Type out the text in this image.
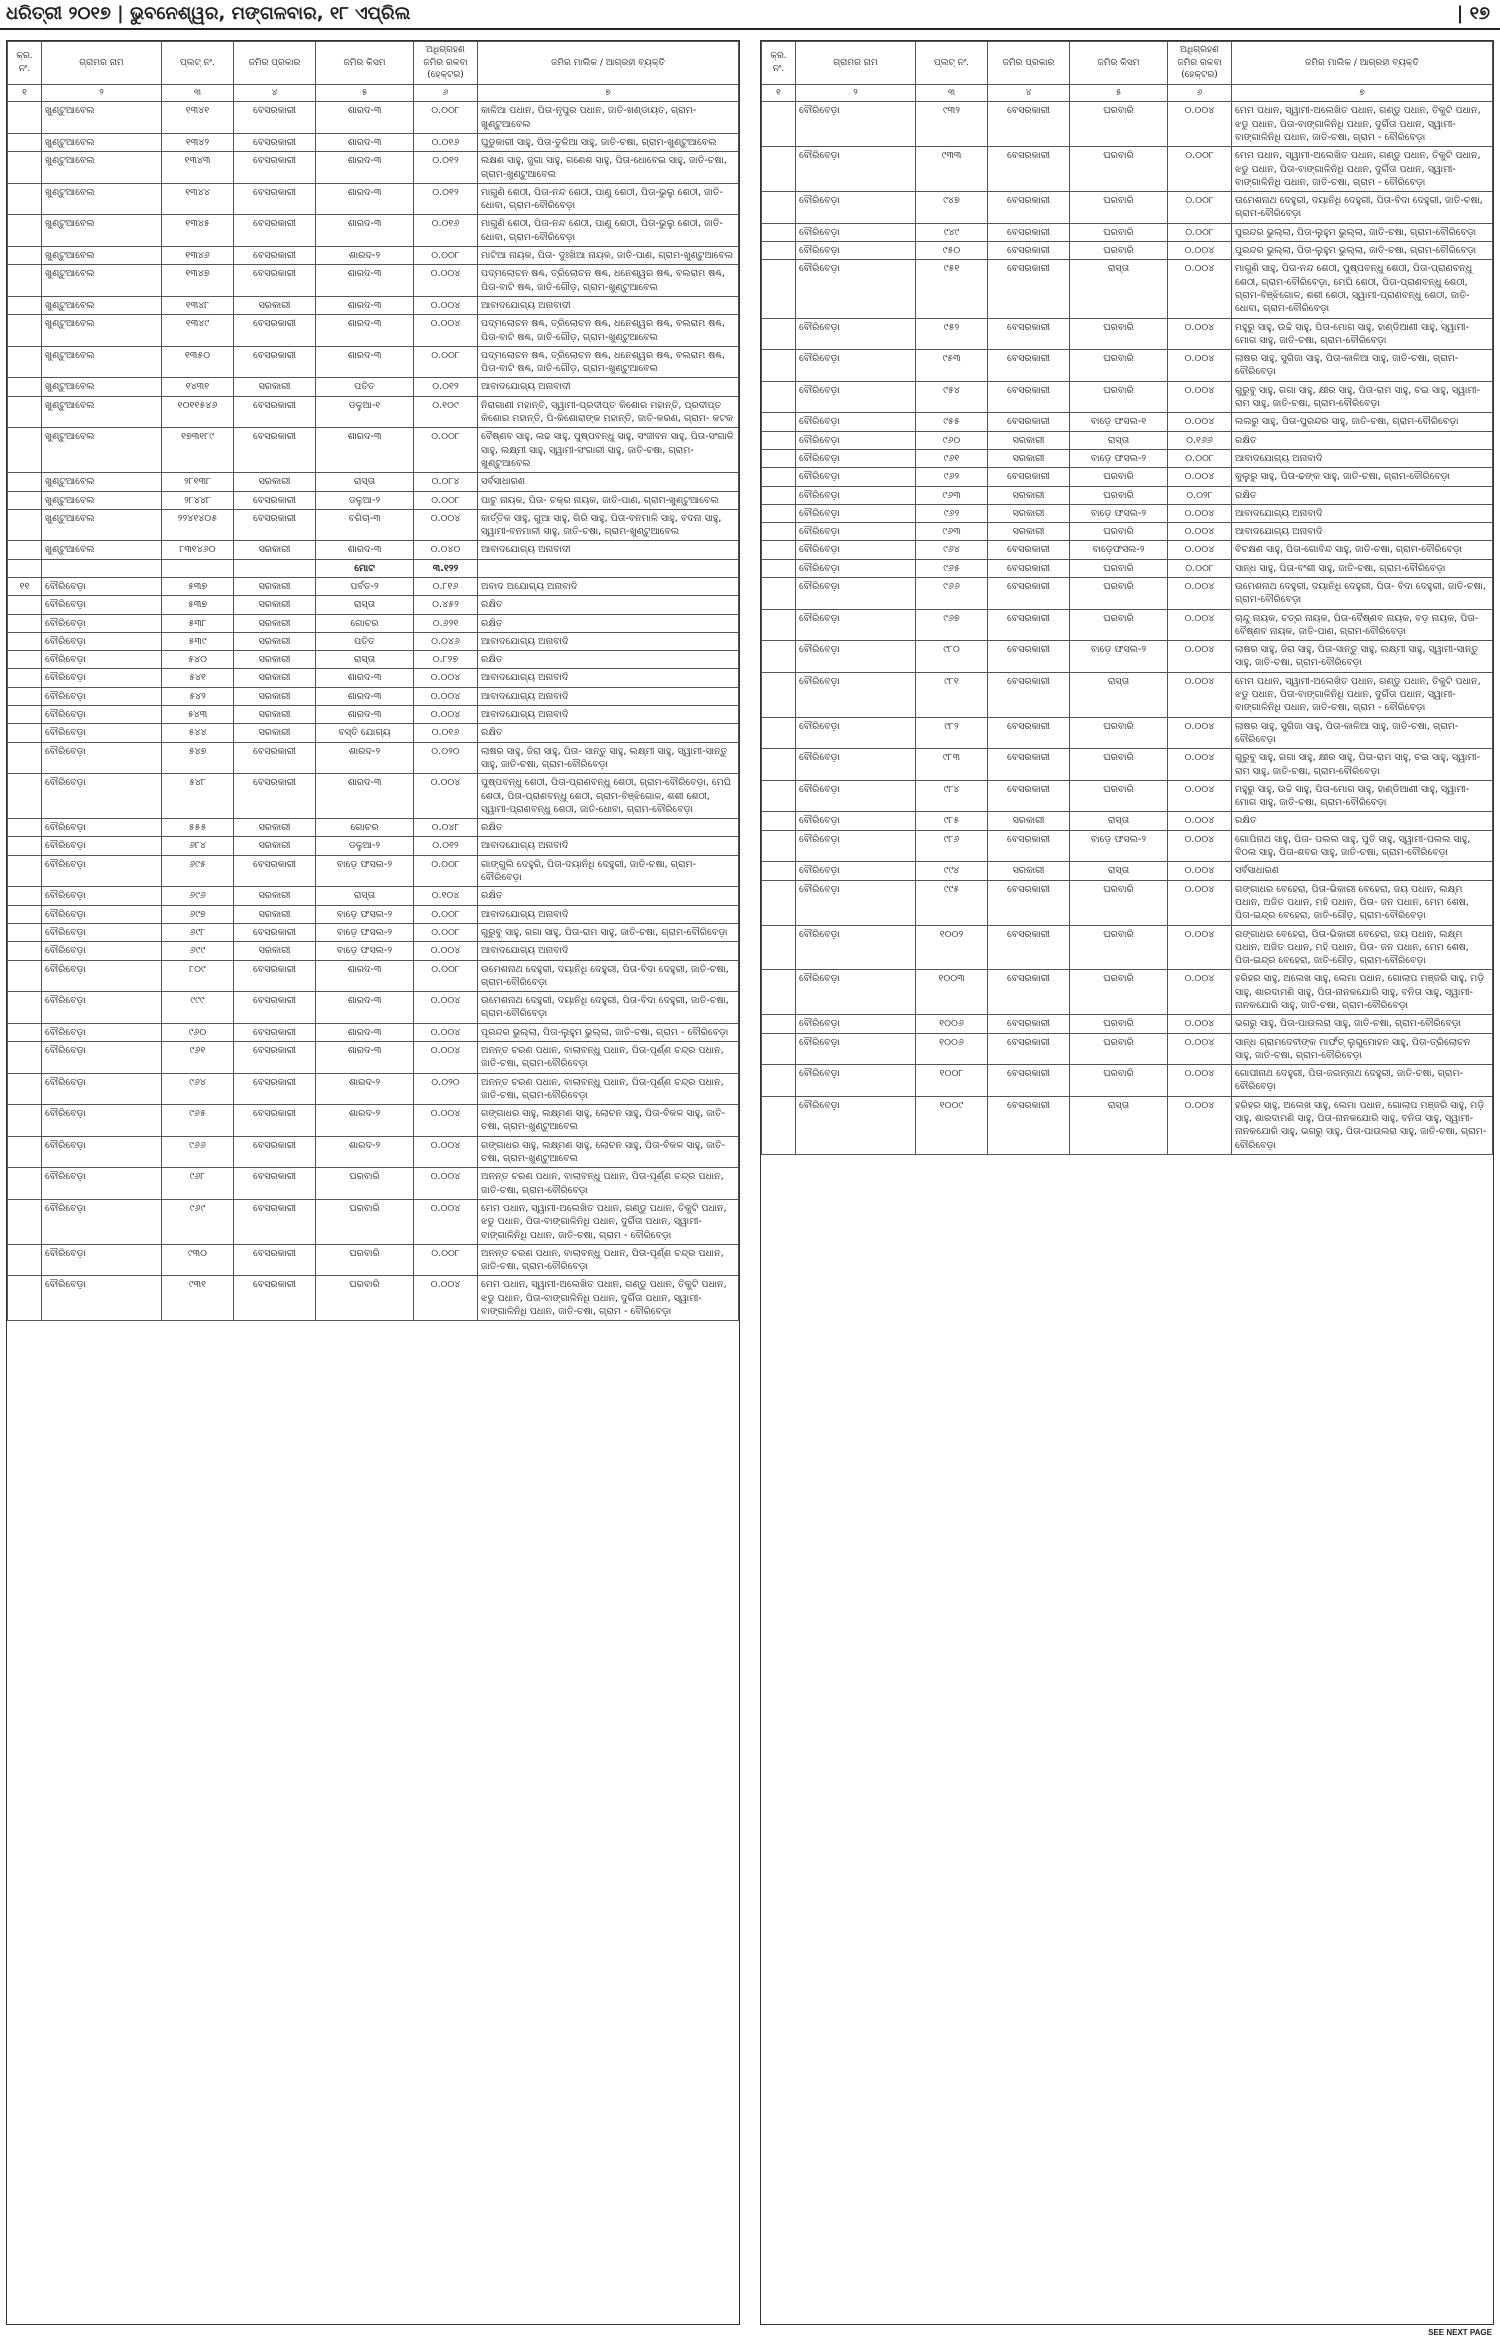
ଧରିତ୍ରୀ ୨୦୧୭ | ଭୁବନେଶ୍ୱର, ମଙ୍ଗଳବାର, ୧୮ ଏପ୍ରିଲ	| ୧୭
କ୍ର. ନଂ.	ଗ୍ରାମର ନାମ	ପ୍ଲଟ୍ ନଂ.	ଜମିର ପ୍ରକାର	ଜମିର କିସମ	ଅଧିଗ୍ରହଣ ଜମିର ରକବା (ହେକ୍ଟର)	ଜମିର ମାଲିକ / ଆଗ୍ରହୀ ବ୍ୟକ୍ତି
୧	୨	୩	୪	୫	୬	୭
	ଖୁଣ୍ଟୁଆବେଲ	୧୩୪୧	ବେସରକାରୀ	ଶାରଦ-୩	୦.୦୦୮	କାଳିଆ ପଧାନ, ପିତା-ନୃପୁର ପଧାନ, ଜାତି-ଖଣ୍ଡାୟତ, ଗ୍ରାମ-ଖୁଣ୍ଟୁଆବେଲ
	ଖୁଣ୍ଟୁଆବେଲ	୧୩୪୨	ବେସରକାରୀ	ଶାରଦ-୩	୦.୦୧୬	ଘୁଡୁକାରୀ ସାହୁ, ପିତା-ତୁଳିଆ ସାହୁ, ଜାତି-ଚଷା, ଗ୍ରାମ-ଖୁଣ୍ଟୁଆବେଲ
	ଖୁଣ୍ଟୁଆବେଲ	୧୩୪୩	ବେସରକାରୀ	ଶାରଦ-୩	୦.୦୧୨	ଲକ୍ଷଣ ସାହୁ, ଜୁଗା ସାହୁ, ଗଣେଶ ସାହୁ, ପିତା-ଧୋବେଇ ସାହୁ, ଜାତି-ଚଷା, ଗ୍ରାମ-ଖୁଣ୍ଟୁଆବେଲ
	ଖୁଣ୍ଟୁଆବେଲ	୧୩୪୪	ବେସରକାରୀ	ଶାରଦ-୩	୦.୦୧୨	ମାଗୁଣି ଶେଠୀ, ପିତା-ନନ୍ଦ ଶେଠୀ, ପାଣୁ ଶେଠୀ, ପିତା-ଭୁଲୁ ଶେଠୀ, ଜାତି-ଧୋବା, ଗ୍ରାମ-ବୌରିବେଡ଼ା
	ଖୁଣ୍ଟୁଆବେଲ	୧୩୪୫	ବେସରକାରୀ	ଶାରଦ-୩	୦.୦୧୬	ମାଗୁଣି ଶେଠୀ, ପିତା-ନନ୍ଦ ଶେଠୀ, ପାଣୁ ଶେଠୀ, ପିତା-ଭୁଲୁ ଶେଠୀ, ଜାତି-ଧୋବା, ଗ୍ରାମ-ବୌରିବେଡ଼ା
	ଖୁଣ୍ଟୁଆବେଲ	୧୩୪୬	ବେସରକାରୀ	ଶାରଦ-୨	୦.୦୦୮	ମାଟିଆ ନାୟକ, ପିତା- ଦୁଃଖିଆ ନାୟକ, ଜାତି-ପାଣ, ଗ୍ରାମ-ଖୁଣ୍ଟୁଆବେଲ
	ଖୁଣ୍ଟୁଆବେଲ	୧୩୪୭	ବେସରକାରୀ	ଶାରଦ-୩	୦.୦୦୪	ପଦ୍ମଲୋଚନ ଷଣ୍ଢ, ତ୍ରିଲୋଚନ ଷଣ୍ଢ, ଧନେଶ୍ୱର ଷଣ୍ଢ, ବଲରାମ ଷଣ୍ଢ, ପିତା-ବାଟି ଷଣ୍ଢ, ଜାତି-ଗୌଡ଼, ଗ୍ରାମ-ଖୁଣ୍ଟୁଆବେଲ
	ଖୁଣ୍ଟୁଆବେଲ	୧୩୪୮	ସରକାରୀ	ଶାରଦ-୩	୦.୦୦୪	ଆବାଦଯୋଗ୍ୟ ଅନାବାଦୀ
	ଖୁଣ୍ଟୁଆବେଲ	୧୩୪୯	ବେସରକାରୀ	ଶାରଦ-୩	୦.୦୦୪	ପଦ୍ମଲୋଚନ ଷଣ୍ଢ, ତ୍ରିଲୋଚନ ଷଣ୍ଢ, ଧନେଶ୍ୱର ଷଣ୍ଢ, ବଲରାମ ଷଣ୍ଢ, ପିତା-ବାଟି ଷଣ୍ଢ, ଜାତି-ଗୌଡ଼, ଗ୍ରାମ-ଖୁଣ୍ଟୁଆବେଲ
	ଖୁଣ୍ଟୁଆବେଲ	୧୩୫୦	ବେସରକାରୀ	ଶାରଦ-୩	୦.୦୦୮	ପଦ୍ମଲୋଚନ ଷଣ୍ଢ, ତ୍ରିଲୋଚନ ଷଣ୍ଢ, ଧନେଶ୍ୱର ଷଣ୍ଢ, ବଲରାମ ଷଣ୍ଢ, ପିତା-ବାଟି ଷଣ୍ଢ, ଜାତି-ଗୌଡ଼, ଗ୍ରାମ-ଖୁଣ୍ଟୁଆବେଲ
	ଖୁଣ୍ଟୁଆବେଲ	୧୪୩୧	ସରକାରୀ	ପତିତ	୦.୦୧୨	ଆବାଦଯୋଗ୍ୟ ଅନାବାଦୀ
	ଖୁଣ୍ଟୁଆବେଲ	୧୦୧୧୫୪୬	ବେସରକାରୀ	ଡଳୁଆ-୧	୦.୧୦୯	ନିରାଗାଣୀ ମହାନ୍ତି, ସ୍ୱାମୀ-ପ୍ରଦୀପ୍ତ କିଶୋର ମହାନ୍ତି, ପ୍ରଦୀପ୍ତ କିଶୋର ମହାନ୍ତି, ପି-କିଶୋରାଙ୍କ ମହାନ୍ତି, ଜାତି-କରଣ, ଗ୍ରାମ- କଟକ
	ଖୁଣ୍ଟୁଆବେଲ	୧୭୩୧୮୯	ବେସରକାରୀ	ଶାରଦ-୩	୦.୦୦୮	ବୈଷ୍ଣବ ସାହୁ, ଲଢ ସାହୁ, ପୁଷ୍ପବନ୍ଧୁ ସାହୁ, ସଂଜୀବନ ସାହୁ, ପିତା-ସଂଗାଳି ସାହୁ, ଲକ୍ଷ୍ମୀ ସାହୁ, ସ୍ୱାମୀ-ସଂଗାରୀ ସାହୁ, ଜାତି-ଚଷା, ଗ୍ରାମ-ଖୁଣ୍ଟୁଆବେଲ
	ଖୁଣ୍ଟୁଆବେଲ	୨୮୧୩୮	ସରକାରୀ	ରାସ୍ତା	୦.୦୮୪	ସର୍ବସାଧାରଣ
	ଖୁଣ୍ଟୁଆବେଲ	୨୮୪୪୮	ବେସରକାରୀ	ଡଳୁଆ-୨	୦.୦୦୮	ପାଚୁ ନାୟକ, ପିତା- ଚକ୍ର ନାୟକ, ଜାତି-ପାଣ, ଗ୍ରାମ-ଖୁଣ୍ଟୁଆବେଲ
	ଖୁଣ୍ଟୁଆବେଲ	୨୨୪୧୪୦୫	ବେସରକାରୀ	ବଗିଚା-୩	୦.୦୦୪	କାର୍ତ୍ତିକ ସାହୁ, ଗୁଆ ସାହୁ, ଗିରି ସାହୁ, ପିତା-ବନମାଳି ସାହୁ, ବଦନା ସାହୁ, ସ୍ୱାମୀ-ବନମାଳୀ ସାହୁ, ଜାତି-ଚଷା, ଗ୍ରାମ-ଖୁଣ୍ଟୁଆବେଲ
	ଖୁଣ୍ଟୁଆବେଲ	୮୩୧୪୬୦	ସରକାରୀ	ଶାରଦ-୩	୦.୦୪୦	ଆବାଦଯୋଗ୍ୟ ଅନାବାଦୀ
				ମୋଟ	୩.୧୨୨	
୧୧	ବୌରିବେଡ଼ା	୫୩୭	ସରକାରୀ	ପର୍ବତ-୨	୦.୮୧୬	ଅବାଦ ଅଯୋଗ୍ୟ ଅନାବାଦି
	ବୌରିବେଡ଼ା	୫୩୭	ସରକାରୀ	ରାସ୍ତା	୦.୪୫୨	ରକ୍ଷିତ
	ବୌରିବେଡ଼ା	୫୩୮	ସରକାରୀ	ଗୋଚର	୦.୬୨୧	ରକ୍ଷିତ
	ବୌରିବେଡ଼ା	୫୩୯	ସରକାରୀ	ପତିତ	୦.୦୪୬	ଆବାଦଯୋଗ୍ୟ ଅନାବାଦି
	ବୌରିବେଡ଼ା	୫୪୦	ସରକାରୀ	ରାସ୍ତା	୦.୮୨୭	ରକ୍ଷିତ
	ବୌରିବେଡ଼ା	୫୪୧	ସରକାରୀ	ଶାରଦ-୩	୦.୦୦୪	ଆବାଦଯୋଗ୍ୟ ଅନାବାଦି
	ବୌରିବେଡ଼ା	୫୪୨	ସରକାରୀ	ଶାରଦ-୩	୦.୦୦୪	ଆବାଦଯୋଗ୍ୟ ଅନାବାଦି
	ବୌରିବେଡ଼ା	୫୪୩	ସରକାରୀ	ଶାରଦ-୩	୦.୦୦୪	ଆବାଦଯୋଗ୍ୟ ଅନାବାଦି
	ବୌରିବେଡ଼ା	୫୪୪	ସରକାରୀ	ବସ୍ତି ଯୋଗ୍ୟ	୦.୦୧୬	ରକ୍ଷିତ
	ବୌରିବେଡ଼ା	୫୪୭	ବେସରକାରୀ	ଶାରଦ-୨	୦.୦୨୦	ଲାଷର ସାହୁ, ଜିରା ସାହୁ, ପିତା- ସାନ୍ତୁ ସାହୁ, ଲକ୍ଷ୍ମୀ ସାହୁ, ସ୍ୱାମୀ-ସାନ୍ତୁ ସାହୁ, ଜାତି-ଚଷା, ଗ୍ରାମ-ବୌରିବେଡ଼ା
	ବୌରିବେଡ଼ା	୫୪୮	ବେସରକାରୀ	ଶାରଦ-୩	୦.୦୦୪	ପୁଷ୍ପବନ୍ଧୁ ଶେଠୀ, ପିତା-ପ୍ରାଣବନ୍ଧୁ ଶେଠୀ, ଗ୍ରାମ-ବୌରିବେଡ଼ା, ମେଘି ଶେଠୀ, ପିତା-ପ୍ରାଣବନ୍ଧୁ ଶେଠୀ, ଗ୍ରାମ-ବିଞ୍ଝିଗୋଳ, ଶଶୀ ଶେଠୀ, ସ୍ୱାମୀ-ପ୍ରାଣବନ୍ଧୁ ଶେଠୀ, ଜାତି-ଧୋବା, ଗ୍ରାମ-ବୌରିବେଡ଼ା
	ବୌରିବେଡ଼ା	୫୫୫	ସରକାରୀ	ଗୋଚର	୦.୦୪୮	ରକ୍ଷିତ
	ବୌରିବେଡ଼ା	୬୮୪	ସରକାରୀ	ଡଳୁଆ-୨	୦.୦୧୨	ଆବାଦଯୋଗ୍ୟ ଅନାବାଦି
	ବୌରିବେଡ଼ା	୬୯୫	ବେସରକାରୀ	ବାଡ଼େ ଫସଲ-୨	୦.୦୦୮	ଗାଙ୍ଗୁଲି ଦେହୁରି, ପିତା-ଦୟାନିଧି ଦେହୁରୀ, ଜାତି-ଚଷା, ଗ୍ରାମ-ବୌରିବେଡ଼ା
	ବୌରିବେଡ଼ା	୬୯୬	ସରକାରୀ	ରାସ୍ତା	୦.୧୦୪	ରକ୍ଷିତ
	ବୌରିବେଡ଼ା	୬୯୭	ସରକାରୀ	ବାଡ଼େ ଫସଲ-୨	୦.୦୦୮	ଆବାଦଯୋଗ୍ୟ ଅନାବାଦି
	ବୌରିବେଡ଼ା	୬୯୮	ବେସରକାରୀ	ବାଡ଼େ ଫସଲ-୨	୦.୦୦୮	ଗୁରୁବୁ ସାହୁ, ଗଗା ସାହୁ, ପିତା-ରାମ ସାହୁ, ଜାତି-ଚଷା, ଗ୍ରାମ-ବୌରିବେଡ଼ା
	ବୌରିବେଡ଼ା	୬୯୯	ସରକାରୀ	ବାଡ଼େ ଫସଲ-୨	୦.୦୦୪	ଆବାଦଯୋଗ୍ୟ ଅନାବାଦି
	ବୌରିବେଡ଼ା	୮୦୯	ବେସରକାରୀ	ଶାରଦ-୩	୦.୦୦୮	ଉମେଶନାଥ ଦେହୁରୀ, ଦୟାନିଧି ଦେହୁରୀ, ପିତା-ବିଦା ଦେହୁରୀ, ଜାତି-ଚଷା, ଗ୍ରାମ-ବୌରିବେଡ଼ା
	ବୌରିବେଡ଼ା	୯୯୯	ବେସରକାରୀ	ଶାରଦ-୩	୦.୦୦୪	ଉମେଶନାଥ ଦେହୁରୀ, ଦୟାନିଧି ଦେହୁରୀ, ପିତା-ବିଦା ଦେହୁରୀ, ଜାତି-ଚଷା, ଗ୍ରାମ-ବୌରିବେଡ଼ା
	ବୌରିବେଡ଼ା	୯୬୦	ବେସରକାରୀ	ଶାରଦ-୩	୦.୦୦୪	ପୂରନ୍ଦର ଭୁଲ୍ଲା, ପିତା-ଲୁହୁମ ଭୁଲ୍ଲା, ଜାତି-ଚଷା, ଗ୍ରାମ - ବୌରିବେଡ଼ା
	ବୌରିବେଡ଼ା	୯୬୧	ବେସରକାରୀ	ଶାରଦ-୩	୦.୦୦୪	ଅନନ୍ତ ଚରଣ ପଧାନ, ବାଲାବନ୍ଧୁ ପଧାନ, ପିତା-ପୂର୍ଣ୍ଣ ଚନ୍ଦ୍ର ପଧାନ, ଜାତି-ଚଷା, ଗ୍ରାମ-ବୌରିବେଡ଼ା
	ବୌରିବେଡ଼ା	୯୬୪	ବେସରକାରୀ	ଶାରଦ-୨	୦.୦୨୦	ଅନନ୍ତ ଚରଣ ପଧାନ, ବାଲାବନ୍ଧୁ ପଧାନ, ପିତା-ପୂର୍ଣ୍ଣ ଚନ୍ଦ୍ର ପଧାନ, ଜାତି-ଚଷା, ଗ୍ରାମ-ବୌରିବେଡ଼ା
	ବୌରିବେଡ଼ା	୯୬୫	ବେସରକାରୀ	ଶାରଦ-୨	୦.୦୦୪	ଗଙ୍ଗାଧର ସାହୁ, ଲକ୍ଷ୍ମଣ ସାହୁ, ଲୋଚନ ସାହୁ, ପିତା-ବିକଳ ସାହୁ, ଜାତି-ଚଷା, ଗ୍ରାମ-ଖୁଣ୍ଟୁଆବେଲ
	ବୌରିବେଡ଼ା	୯୬୬	ବେସରକାରୀ	ଶାରଦ-୨	୦.୦୦୪	ଗଙ୍ଗାଧର ସାହୁ, ଲକ୍ଷ୍ମଣ ସାହୁ, ଲୋଚନ ସାହୁ, ପିତା-ବିକଳ ସାହୁ, ଜାତି-ଚଷା, ଗ୍ରାମ-ଖୁଣ୍ଟୁଆବେଲ
	ବୌରିବେଡ଼ା	୯୬୮	ବେସରକାରୀ	ଘରବାରି	୦.୦୦୪	ଅନନ୍ତ ଚରଣ ପଧାନ, ବାଲାବନ୍ଧୁ ପଧାନ, ପିତା-ପୂର୍ଣ୍ଣ ଚନ୍ଦ୍ର ପଧାନ, ଜାତି-ଚଷା, ଗ୍ରାମ-ବୌରିବେଡ଼ା
	ବୌରିବେଡ଼ା	୯୬୯	ବେସରକାରୀ	ଘରବାରି	୦.୦୦୪	ମେମ ପଧାନ, ସ୍ୱାମୀ-ଅଲେଖିତ ପଧାନ, ଗଣ୍ଡୁ ପଧାନ, ତିକୁଟି ପଧାନ, ଝଡୁ ପଧାନ, ପିତା-ବାଙ୍ଗାଳିନିଧି ପଧାନ, ଦୁର୍ଗିତା ପଧାନ, ସ୍ୱାମୀ-ବାଙ୍ଗାଳିନିଧି ପଧାନ, ଜାତି-ଚଷା, ଗ୍ରାମ - ବୌରିବେଡ଼ା
	ବୌରିବେଡ଼ା	୯୩୦	ବେସରକାରୀ	ଘରବାରି	୦.୦୦୮	ଅନନ୍ତ ଚରଣ ପଧାନ, ବାଲାବନ୍ଧୁ ପଧାନ, ପିତା-ପୂର୍ଣ୍ଣ ଚନ୍ଦ୍ର ପଧାନ, ଜାତି-ଚଷା, ଗ୍ରାମ-ବୌରିବେଡ଼ା
	ବୌରିବେଡ଼ା	୯୩୧	ବେସରକାରୀ	ଘରବାରି	୦.୦୦୪	ମେମ ପଧାନ, ସ୍ୱାମୀ-ଅଲେଖିତ ପଧାନ, ଗଣ୍ଡୁ ପଧାନ, ତିକୁଟି ପଧାନ, ଝଡୁ ପଧାନ, ପିତା-ବାଙ୍ଗାଳିନିଧି ପଧାନ, ଦୁର୍ଗିତା ପଧାନ, ସ୍ୱାମୀ-ବାଙ୍ଗାଳିନିଧି ପଧାନ, ଜାତି-ଚଷା, ଗ୍ରାମ - ବୌରିବେଡ଼ା
କ୍ର. ନଂ.	ଗ୍ରାମର ନାମ	ପ୍ଲଟ୍ ନଂ.	ଜମିର ପ୍ରକାର	ଜମିର କିସମ	ଅଧିଗ୍ରହଣ ଜମିର ରକବା (ହେକ୍ଟର)	ଜମିର ମାଲିକ / ଆଗ୍ରହୀ ବ୍ୟକ୍ତି
୧	୨	୩	୪	୫	୬	୭
	ବୌରିବେଡ଼ା	୯୩୨	ବେସରକାରୀ	ଘରବାରି	୦.୦୦୪	ମେମ ପଧାନ, ସ୍ୱାମୀ-ଅଲେଖିତ ପଧାନ, ଗଣ୍ଡୁ ପଧାନ, ତିକୁଟି ପଧାନ, ଝଡୁ ପଧାନ, ପିତା-ବାଙ୍ଗାଳିନିଧି ପଧାନ, ଦୁର୍ଗିତା ପଧାନ, ସ୍ୱାମୀ-ବାଙ୍ଗାଳିନିଧି ପଧାନ, ଜାତି-ଚଷା, ଗ୍ରାମ - ବୌରିବେଡ଼ା
	ବୌରିବେଡ଼ା	୯୩୩	ବେସରକାରୀ	ଘରବାରି	୦.୦୦୮	ମେମ ପଧାନ, ସ୍ୱାମୀ-ଅଲେଖିତ ପଧାନ, ଗଣ୍ଡୁ ପଧାନ, ତିକୁଟି ପଧାନ, ଝଡୁ ପଧାନ, ପିତା-ବାଙ୍ଗାଳିନିଧି ପଧାନ, ଦୁର୍ଗିତା ପଧାନ, ସ୍ୱାମୀ-ବାଙ୍ଗାଳିନିଧି ପଧାନ, ଜାତି-ଚଷା, ଗ୍ରାମ - ବୌରିବେଡ଼ା
	ବୌରିବେଡ଼ା	୯୪୭	ବେସରକାରୀ	ଘରବାରି	୦.୦୦୮	ଉମେଶନାଥ ଦେହୁରୀ, ଦୟାନିଧି ଦେହୁରୀ, ପିତା-ବିଦା ଦେହୁରୀ, ଜାତି-ଚଷା, ଗ୍ରାମ-ବୌରିବେଡ଼ା
	ବୌରିବେଡ଼ା	୯୪୯	ବେସରକାରୀ	ଘରବାରି	୦.୦୦୮	ପୁରନ୍ଦର ଭୁଲ୍ଲା, ପିତା-ଲୁହୁମ ଭୁଲ୍ଲା, ଜାତି-ଚଷା, ଗ୍ରାମ-ବୌରିବେଡ଼ା
	ବୌରିବେଡ଼ା	୯୫୦	ବେସରକାରୀ	ଘରବାରି	୦.୦୦୪	ପୁରନ୍ଦର ଭୁଲ୍ଲା, ପିତା-ଲୁହୁମ ଭୁଲ୍ଲା, ଜାତି-ଚଷା, ଗ୍ରାମ-ବୌରିବେଡ଼ା
	ବୌରିବେଡ଼ା	୯୫୧	ବେସରକାରୀ	ରାସ୍ତା	୦.୦୦୪	ମାଗୁଣି ସାହୁ, ପିତା-ନନ୍ଦ ଶେଠୀ, ପୁଷ୍ପବନ୍ଧୁ ଶେଠୀ, ପିତା-ପ୍ରାଣବନ୍ଧୁ ଶେଠୀ, ଗ୍ରାମ-ବୌରିବେଡ଼ା, ମେଘି ଶେଠୀ, ପିତା-ପ୍ରାଣବନ୍ଧୁ ଶେଠୀ, ଗ୍ରାମ-ବିଞ୍ଝିଗୋଳ, ଶଶୀ ଶେଠୀ, ସ୍ୱାମୀ-ପ୍ରାଣବନ୍ଧୁ ଶେଠୀ, ଜାତି-ଧୋବା, ଗ୍ରାମ-ବୌରିବେଡ଼ା
	ବୌରିବେଡ଼ା	୯୫୨	ବେସରକାରୀ	ଘରବାରି	୦.୦୦୪	ମହୁରୁ ସାହୁ, ଉଚ୍ଚି ସାହୁ, ପିତା-ମୋଗ ସାହୁ, ହାଣ୍ଡିଆଣୀ ସାହୁ, ସ୍ୱାମୀ-ମୋଗ ସାହୁ, ଜାତି-ଚଷା, ଗ୍ରାମ-ବୌରିବେଡ଼ା
	ବୌରିବେଡ଼ା	୯୫୩	ବେସରକାରୀ	ଘରବାରି	୦.୦୦୪	ଲାଷର ସାହୁ, ସୁଗିଜା ସାହୁ, ପିତା-କାଳିଆ ସାହୁ, ଜାତି-ଚଷା, ଗ୍ରାମ-ବୌରିବେଡ଼ା
	ବୌରିବେଡ଼ା	୯୫୪	ବେସରକାରୀ	ଘରବାରି	୦.୦୦୪	ଗୁରୁବୁ ସାହୁ, ଗଗା ସାହୁ, କ୍ଷୀର ସାହୁ, ପିତା-ରାମ ସାହୁ, ଚଇ ସାହୁ, ସ୍ୱାମୀ-ରାମ ସାହୁ, ଜାତି-ଚଷା, ଗ୍ରାମ-ବୌରିବେଡ଼ା
	ବୌରିବେଡ଼ା	୯୫୫	ବେସରକାରୀ	ବାଡ଼େ ଫସଲ-୧	୦.୦୦୪	ଲଲରୁ ସାହୁ, ପିତା-ପୁରନ୍ଦର ସାହୁ, ଜାତି-ଚଷା, ଗ୍ରାମ-ବୌରିବେଡ଼ା
	ବୌରିବେଡ଼ା	୯୬୦	ସରକାରୀ	ରାସ୍ତା	୦.୧୬୬	ରକ୍ଷିତ
	ବୌରିବେଡ଼ା	୯୬୧	ସରକାରୀ	ବାଡ଼େ ଫସଲ-୨	୦.୦୦୮	ଆବାଦଯୋଗ୍ୟ ଅନାବାଦି
	ବୌରିବେଡ଼ା	୯୬୨	ବେସରକାରୀ	ଘରବାରି	୦.୦୦୪	କୁଲୁରୁ ସାହୁ, ପିତା-ଢଙ୍କ ସାହୁ, ଜାତି-ଚଷା, ଗ୍ରାମ-ବୌରିବେଡ଼ା
	ବୌରିବେଡ଼ା	୯୬୩	ସରକାରୀ	ଘରବାରି	୦.୦୨୮	ରକ୍ଷିତ
	ବୌରିବେଡ଼ା	୯୬୨	ସରକାରୀ	ବାଡ଼େ ଫସଲ-୨	୦.୦୦୪	ଆବାଦଯୋଗ୍ୟ ଅନାବାଦି
	ବୌରିବେଡ଼ା	୯୬୩	ସରକାରୀ	ଘରବାରି	୦.୦୦୪	ଆବାଦଯୋଗ୍ୟ ଅନାବାଦି
	ବୌରିବେଡ଼ା	୯୬୪	ବେସରକାରୀ	ବାଡ଼େଫସଲ-୨	୦.୦୦୪	ବିଚକ୍ଷଣ ସାହୁ, ପିତା-ଗୋବିନ୍ଦ ସାହୁ, ଜାତି-ଚଷା, ଗ୍ରାମ-ବୌରିବେଡ଼ା
	ବୌରିବେଡ଼ା	୯୬୫	ବେସରକାରୀ	ଘରବାରି	୦.୦୦୮	ସାନ୍ଧ ସାହୁ, ପିତା-ବଂଶୀ ସାହୁ, ଜାତି-ଚଷା, ଗ୍ରାମ-ବୌରିବେଡ଼ା
	ବୌରିବେଡ଼ା	୯୬୬	ବେସରକାରୀ	ଘରବାରି	୦.୦୦୪	ଉମେଶନାଥ ଦେହୁରୀ, ଦୟାନିଧି ଦେହୁରୀ, ପିତା- ବିଦା ଦେହୁରୀ, ଜାତି-ଚଷା, ଗ୍ରାମ-ବୌରିବେଡ଼ା
	ବୌରିବେଡ଼ା	୯୬୭	ବେସରକାରୀ	ଘରବାରି	୦.୦୦୪	ଚାନ୍ଦୁ ନାୟକ, ଚତ୍ର ନାୟକ, ପିତା-ବୈଷ୍ଣବ ନାୟକ, ବଡ଼ ନାୟକ, ପିତା-ବୈଷ୍ଣବ ନାୟକ, ଜାତି-ପାଣ, ଗ୍ରାମ-ବୌରିବେଡ଼ା
	ବୌରିବେଡ଼ା	୯୮୦	ବେସରକାରୀ	ବାଡ଼େ ଫସଲ-୨	୦.୦୦୪	ଲାଷର ସାହୁ, ଜିରା ସାହୁ, ପିତା-ସାନ୍ତୁ ସାହୁ, ଲକ୍ଷ୍ମୀ ସାହୁ, ସ୍ୱାମୀ-ସାନ୍ତୁ ସାହୁ, ଜାତି-ଚଷା, ଗ୍ରାମ-ବୌରିବେଡ଼ା
	ବୌରିବେଡ଼ା	୯୮୧	ବେସରକାରୀ	ରାସ୍ତା	୦.୦୦୪	ମେମ ପଧାନ, ସ୍ୱାମୀ-ଅଲେଖିତ ପଧାନ, ଗଣ୍ଡୁ ପଧାନ, ତିକୁଟି ପଧାନ, ଝଡୁ ପଧାନ, ପିତା-ବାଙ୍ଗାଳିନିଧି ପଧାନ, ଦୁର୍ଗିତା ପଧାନ, ସ୍ୱାମୀ-ବାଙ୍ଗାଳିନିଧି ପଧାନ, ଜାତି-ଚଷା, ଗ୍ରାମ - ବୌରିବେଡ଼ା
	ବୌରିବେଡ଼ା	୯୮୨	ବେସରକାରୀ	ଘରବାରି	୦.୦୦୪	ଲାଷର ସାହୁ, ସୁଗିଜା ସାହୁ, ପିତା-କାଳିଆ ସାହୁ, ଜାତି-ଚଷା, ଗ୍ରାମ-ବୌରିବେଡ଼ା
	ବୌରିବେଡ଼ା	୯୮୩	ବେସରକାରୀ	ଘରବାରି	୦.୦୦୪	ଗୁରୁବୁ ସାହୁ, ଗଗା ସାହୁ, କ୍ଷୀର ସାହୁ, ପିତା-ରାମ ସାହୁ, ଚଇ ସାହୁ, ସ୍ୱାମୀ-ରାମ ସାହୁ, ଜାତି-ଚଷା, ଗ୍ରାମ-ବୌରିବେଡ଼ା
	ବୌରିବେଡ଼ା	୯୮୪	ବେସରକାରୀ	ଘରବାରି	୦.୦୦୪	ମହୁରୁ ସାହୁ, ଉଚ୍ଚି ସାହୁ, ପିତା-ମୋଗ ସାହୁ, ହାଣ୍ଡିଆଣୀ ସାହୁ, ସ୍ୱାମୀ-ମୋଗ ସାହୁ, ଜାତି-ଚଷା, ଗ୍ରାମ-ବୌରିବେଡ଼ା
	ବୌରିବେଡ଼ା	୯୮୫	ସରକାରୀ	ରାସ୍ତା	୦.୦୦୪	ରକ୍ଷିତ
	ବୌରିବେଡ଼ା	୯୮୬	ବେସରକାରୀ	ବାଡ଼େ ଫସଲ-୨	୦.୦୦୪	ଗୋପିନାଥ ସାହୁ, ପିତା- ପଲଲ ସାହୁ, ପୁତି ସାହୁ, ସ୍ୱାମୀ-ପଲଲ ସାହୁ, ବିଠଲ ସାହୁ, ପିତା-ଶବର ସାହୁ, ଜାତି-ଚଷା, ଗ୍ରାମ-ବୌରିବେଡ଼ା
	ବୌରିବେଡ଼ା	୯୯୪	ସରକାରୀ	ରାସ୍ତା	୦.୦୦୪	ସର୍ବସାଧାରଣ
	ବୌରିବେଡ଼ା	୯୯୫	ବେସରକାରୀ	ଘରବାରି	୦.୦୦୪	ଗଙ୍ଗାଧର ବେହେରା, ପିତା-ଭିକାରୀ ବେହେରା, ଜୟ ପଧାନ, ଲକ୍ଷ୍ମ ପଧାନ, ଅଜିତ ପଧାନ, ମହି ପଧାନ, ପିତା- ଜନ ପଧାନ, ମେମ ଶେଷ, ପିତା-ଇନ୍ଦ୍ର ବେହେରା, ଜାତି-ଗୌଡ଼, ଗ୍ରାମ-ବୌରିବେଡ଼ା
	ବୌରିବେଡ଼ା	୧୦୦୨	ବେସରକାରୀ	ଘରବାରି	୦.୦୦୪	ଗଙ୍ଗାଧର ବେହେରା, ପିତା-ଭିକାରୀ ବେହେରା, ଜୟ ପଧାନ, ଲକ୍ଷ୍ମ ପଧାନ, ଅଜିତ ପଧାନ, ମହି ପଧାନ, ପିତା- ଜନ ପଧାନ, ମେମ ଶେଷ, ପିତା-ଇନ୍ଦ୍ର ବେହେରା, ଜାତି-ଗୌଡ଼, ଗ୍ରାମ-ବୌରିବେଡ଼ା
	ବୌରିବେଡ଼ା	୧୦୦୩	ବେସରକାରୀ	ଘରବାରି	୦.୦୦୪	ହରିହର ସାହୁ, ଅଲେଖ ସାହୁ, ଲେମା ପଧାନ, ଗୋଲାପ ମଞ୍ଜରି ସାହୁ, ମଡ଼ି ସାହୁ, ଶାରଦାମଣି ସାହୁ, ପିତା-ନାନକଯୋରି ସାହୁ, ବନିତା ସାହୁ, ସ୍ୱାମୀ-ନାନକଯୋରି ସାହୁ, ଜାତି-ଚଷା, ଗ୍ରାମ-ବୌରିବେଡ଼ା
	ବୌରିବେଡ଼ା	୧୦୦୬	ବେସରକାରୀ	ଘରବାରି	୦.୦୦୪	ଭଗରୁ ସାହୁ, ପିତା-ପାଉଲରା ସାହୁ, ଜାତି-ଚଷା, ଗ୍ରାମ-ବୌରିବେଡ଼ା
	ବୌରିବେଡ଼ା	୧୦୦୬	ବେସରକାରୀ	ଘରବାରି	୦.୦୦୪	ସାନ୍ଧ ଗ୍ରାମଦେବୀଙ୍କ ମାର୍ଫତ୍ ଲୁଗୁମୋହନ ସାହୁ, ପିତା-ତ୍ରିଲୋଚନ ସାହୁ, ଜାତି-ଚଷା, ଗ୍ରାମ-ବୌରିବେଡ଼ା
	ବୌରିବେଡ଼ା	୧୦୦୮	ବେସରକାରୀ	ଘରବାରି	୦.୦୦୪	ଗୋପୀନାଥ ଦେହୁରୀ, ପିତା-ଜଗନ୍ନାଥ ଦେହୁରୀ, ଜାତି-ଚଷା, ଗ୍ରାମ-ବୌରିବେଡ଼ା
	ବୌରିବେଡ଼ା	୧୦୦୯	ବେସରକାରୀ	ରାସ୍ତା	୦.୦୦୪	ହରିହର ସାହୁ, ଅଲେଖ ସାହୁ, ଲେମା ପଧାନ, ଗୋଲାପ ମଞ୍ଜରି ସାହୁ, ମଡ଼ି ସାହୁ, ଶାରଦାମଣି ସାହୁ, ପିତା-ନାନକଯୋରି ସାହୁ, ବନିତା ସାହୁ, ସ୍ୱାମୀ-ନାନକଯୋରି ସାହୁ, ଭଗରୁ ସାହୁ, ପିତା-ପାଉଲରା ସାହୁ, ଜାତି-ଚଷା, ଗ୍ରାମ-ବୌରିବେଡ଼ା
SEE NEXT PAGE
